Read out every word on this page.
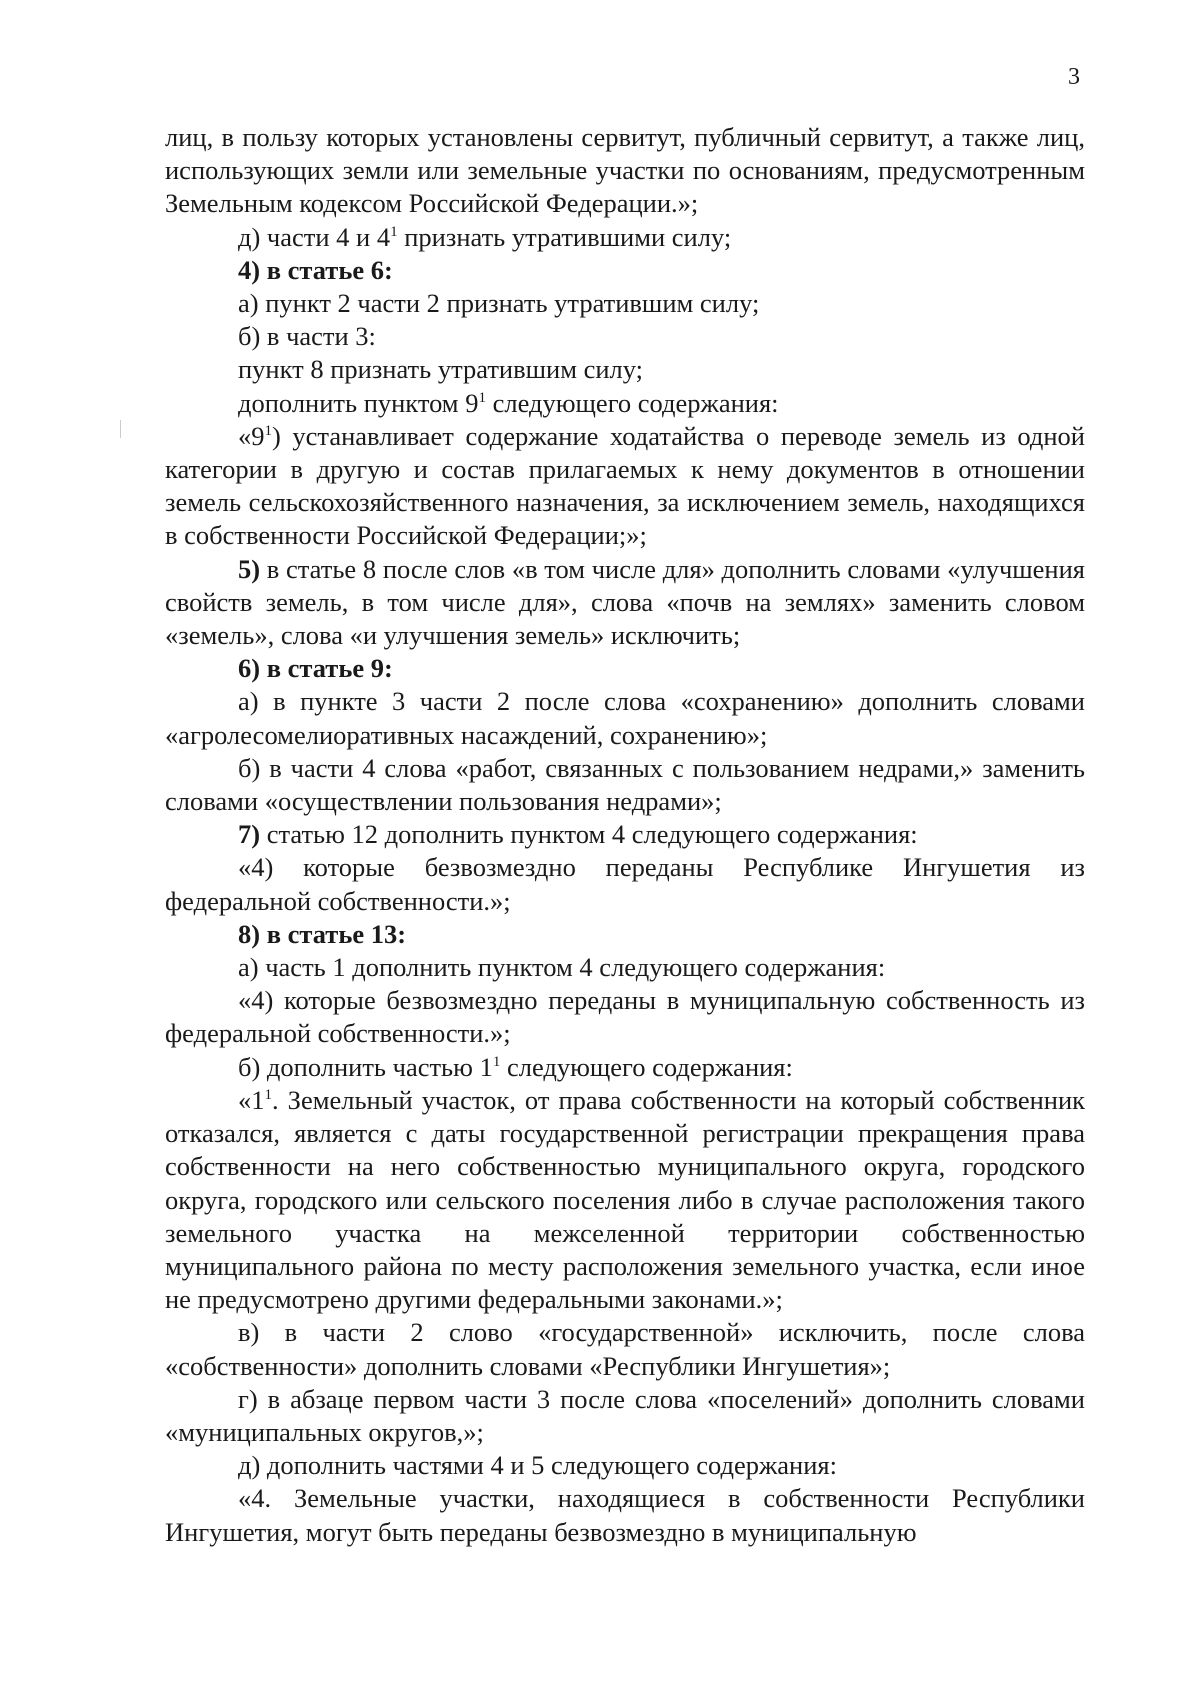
3

лиц, в пользу которых установлены сервитут, публичный сервитут, а также лиц, использующих земли или земельные участки по основаниям, предусмотренным Земельным кодексом Российской Федерации.»;

д) части 4 и $4^1$ признать утратившими силу;

4) в статье 6:

а) пункт 2 части 2 признать утратившим силу;

б) в части 3:

пункт 8 признать утратившим силу;

дополнить пунктом $9^1$ следующего содержания:

«$9^1$) устанавливает содержание ходатайства о переводе земель из одной категории в другую и состав прилагаемых к нему документов в отношении земель сельскохозяйственного назначения, за исключением земель, находящихся в собственности Российской Федерации;»;

5) в статье 8 после слов «в том числе для» дополнить словами «улучшения свойств земель, в том числе для», слова «почв на землях» заменить словом «земель», слова «и улучшения земель» исключить;

6) в статье 9:

а) в пункте 3 части 2 после слова «сохранению» дополнить словами «агролесомелиоративных насаждений, сохранению»;

б) в части 4 слова «работ, связанных с пользованием недрами,» заменить словами «осуществлении пользования недрами»;

7) статью 12 дополнить пунктом 4 следующего содержания:

«4) которые безвозмездно переданы Республике Ингушетия из федеральной собственности.»;

8) в статье 13:

а) часть 1 дополнить пунктом 4 следующего содержания:

«4) которые безвозмездно переданы в муниципальную собственность из федеральной собственности.»;

б) дополнить частью $1^1$ следующего содержания:

«$1^1$. Земельный участок, от права собственности на который собственник отказался, является с даты государственной регистрации прекращения права собственности на него собственностью муниципального округа, городского округа, городского или сельского поселения либо в случае расположения такого земельного участка на межселенной территории собственностью муниципального района по месту расположения земельного участка, если иное не предусмотрено другими федеральными законами.»;

в) в части 2 слово «государственной» исключить, после слова «собственности» дополнить словами «Республики Ингушетия»;

г) в абзаце первом части 3 после слова «поселений» дополнить словами «муниципальных округов,»;

д) дополнить частями 4 и 5 следующего содержания:

«4. Земельные участки, находящиеся в собственности Республики Ингушетия, могут быть переданы безвозмездно в муниципальную
